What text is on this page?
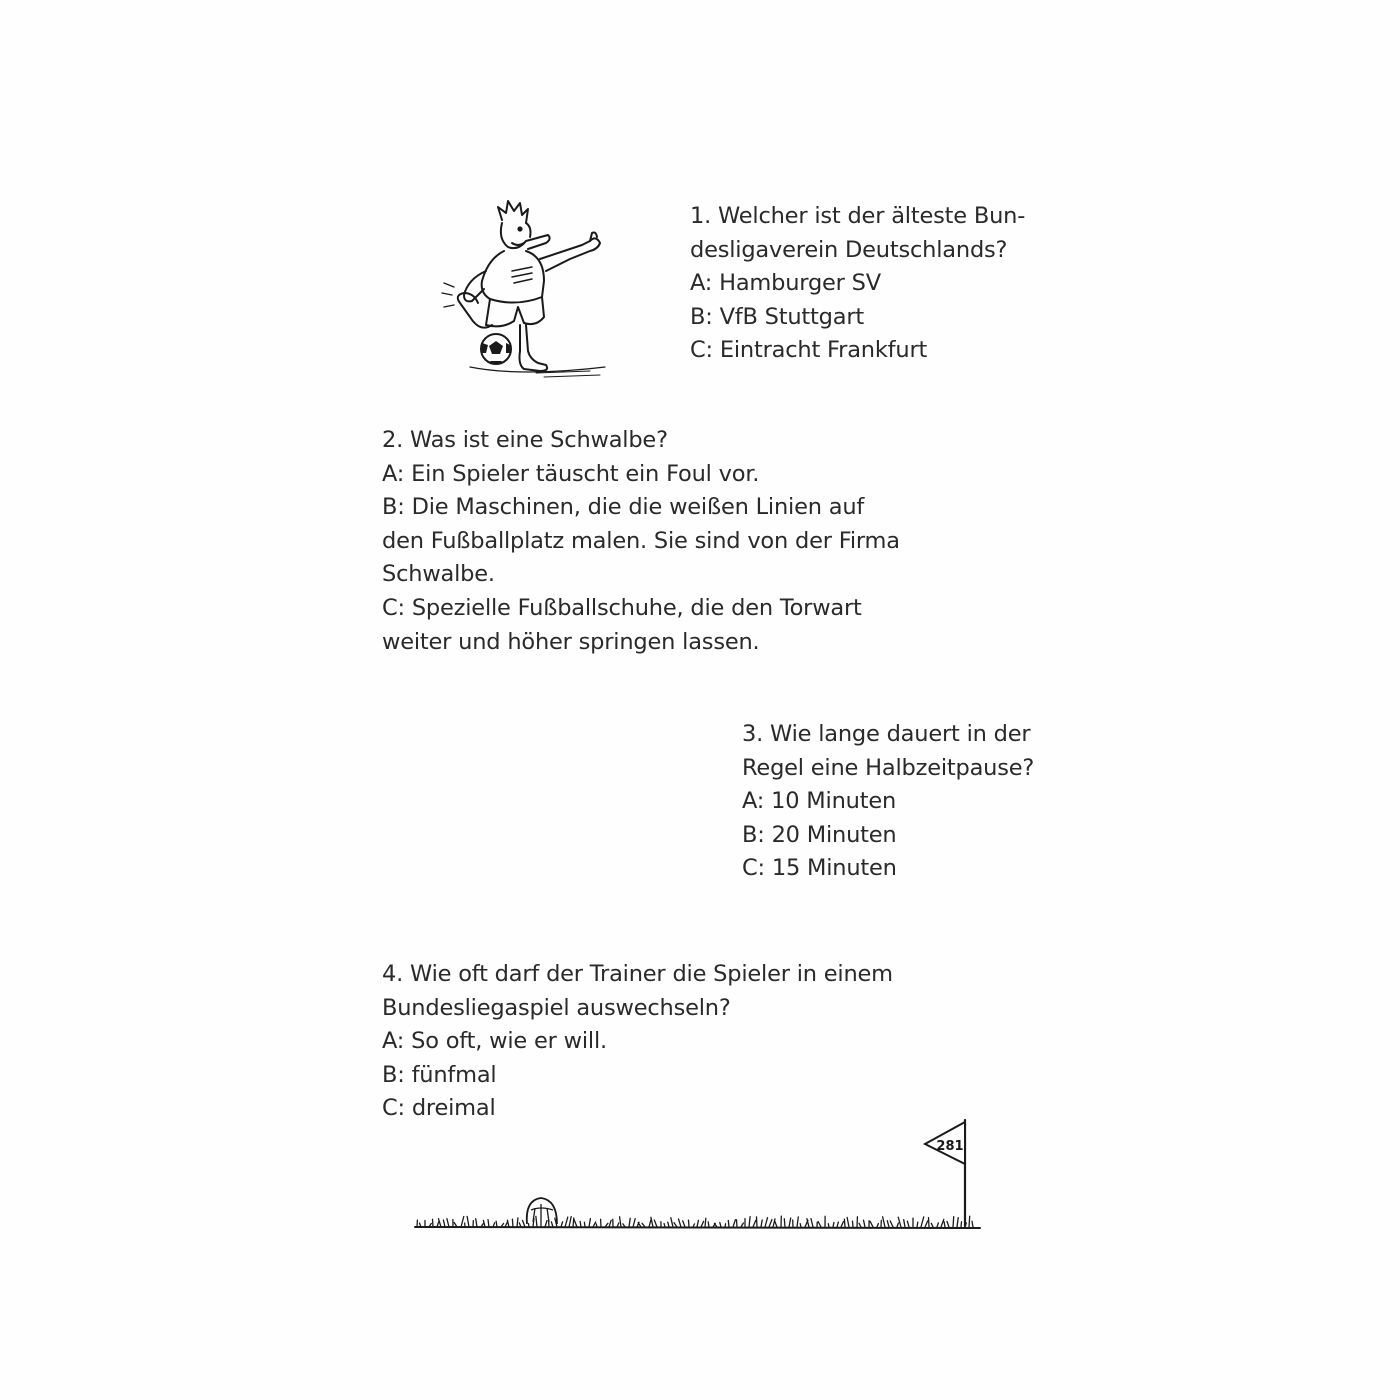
1. Welcher ist der älteste Bun-
desligaverein Deutschlands?
A: Hamburger SV
B: VfB Stuttgart
C: Eintracht Frankfurt
2. Was ist eine Schwalbe?
A: Ein Spieler täuscht ein Foul vor.
B: Die Maschinen, die die weißen Linien auf
den Fußballplatz malen. Sie sind von der Firma
Schwalbe.
C: Spezielle Fußballschuhe, die den Torwart
weiter und höher springen lassen.
3. Wie lange dauert in der
Regel eine Halbzeitpause?
A: 10 Minuten
B: 20 Minuten
C: 15 Minuten
4. Wie oft darf der Trainer die Spieler in einem
Bundesliegaspiel auswechseln?
A: So oft, wie er will.
B: fünfmal
C: dreimal
281
